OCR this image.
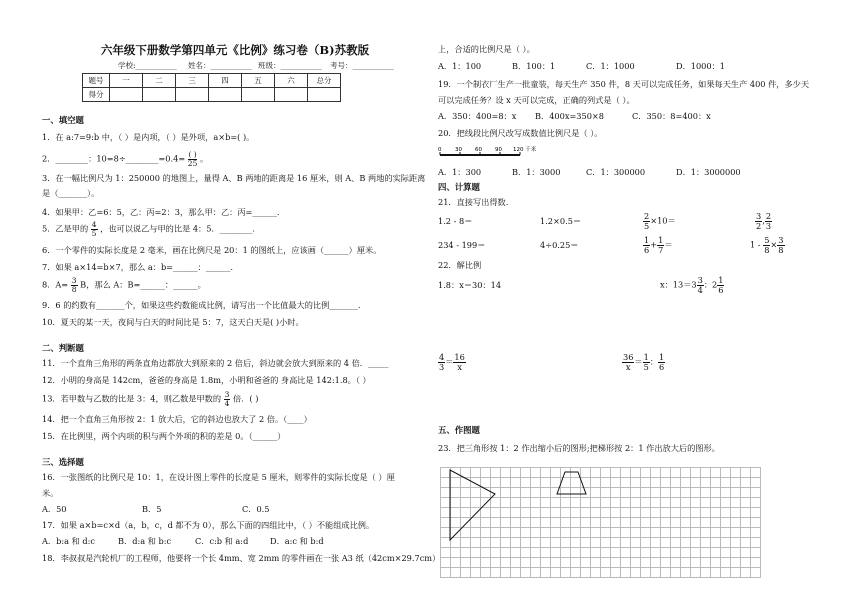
六年级下册数学第四单元《比例》练习卷（B)苏教版
学校:___________ 姓名：___________ 班级：___________ 考号：___________
题号	一	二	三	四	五	六	总分
得分							
一、填空题
1．在 a:7=9:b 中，（ ）是内项，（ ）是外项，a×b=( )。
2．________：10=8÷________=0.4= ( )
25 。
3．在一幅比例尺为 1：250000 的地图上，量得 A、B 两地的距离是 16 厘米，则 A、B 两地的实际距离
是（_______）。
4．如果甲：乙=6：5，乙：丙=2：3，那么甲：乙：丙=______．
5．乙是甲的 $\frac{4}{5}$ ，也可以说乙与甲的比是 4：5．________．
6．一个零件的实际长度是 2 毫米，画在比例尺是 20：1 的图纸上，应该画（______）厘米。
7．如果 a×14=b×7，那么 a：b=______：______.
8．$A= \frac{3}{8}$ B，那么 A：B=______：______。
9．6 的约数有_______个，如果这些约数能成比例，请写出一个比值最大的比例_______．
10．夏天的某一天，夜间与白天的时间比是 5：7，这天白天是( )小时。
二、判断题
11．一个直角三角形的两条直角边都放大到原来的 2 倍后，斜边就会放大到原来的 4 倍．_____
12．小明的身高是 142cm，爸爸的身高是 1.8m，小明和爸爸的 身高比是 142:1.8。（ ）
13．若甲数与乙数的比是 3：4，则乙数是甲数的 $\frac{3}{4}$ 倍．( )
14．把一个直角三角形按 2：1 放大后，它的斜边也放大了 2 倍。（____）
15．在比例里，两个内项的积与两个外项的积的差是 0。（______）
三、选择题
16．一张图纸的比例尺是 10：1，在设计图上零件的长度是 5 厘米，则零件的实际长度是（ ）厘
米。
A．50	B．5	C．0.5
17．如果 a×b=c×d（a，b，c，d 都不为 0），那么下面的四组比中，（ ）不能组成比例。
A．b:a 和 d:c	B．d:a 和 b:c	C．c:b 和 a:d	D．a:c 和 b:d
18．李叔叔是汽轮机厂的工程师，他要将一个长 4mm、宽 2mm 的零件画在一张 A3 纸（42cm×29.7cm）
上，合适的比例尺是（ ）。
A．1：100	B．100：1	C．1：1000	D．1000：1
19．一个制衣厂生产一批童装，每天生产 350 件，8 天可以完成任务，如果每天生产 400 件，多少天
可以完成任务？设 x 天可以完成，正确的列式是（ ）。
A．350：400=8：x B．400x=350×8	C．350：8=400：x
20．把线段比例尺改写成数值比例尺是（ ）。
0 30 60 90 120 千米
A．1：300	B．1：3000	C．1：300000	D．1：3000000
四、计算题
21．直接写出得数.
1.2 - 8＝	1.2×0.5＝	$\frac{2}{5} \times 10=$	$\frac{3}{2}$ , $\frac{2}{3}$
234 - 199＝	4÷0.25＝	$\frac{1}{6} + \frac{1}{7}$ ＝	$1 - \frac{5}{8} \times \frac{3}{8}$
22．解比例
1.8：x＝30：14	x：$13=3 \frac{3}{4}$ ：$2 \frac{1}{6}$
$\frac{4}{3} = \frac{16}{x}$	$\frac{36}{x} = \frac{1}{5}$ ： $\frac{1}{6}$
五、作图题
23．把三角形按 1：2 作出缩小后的图形;把梯形按 2：1 作出放大后的图形。
